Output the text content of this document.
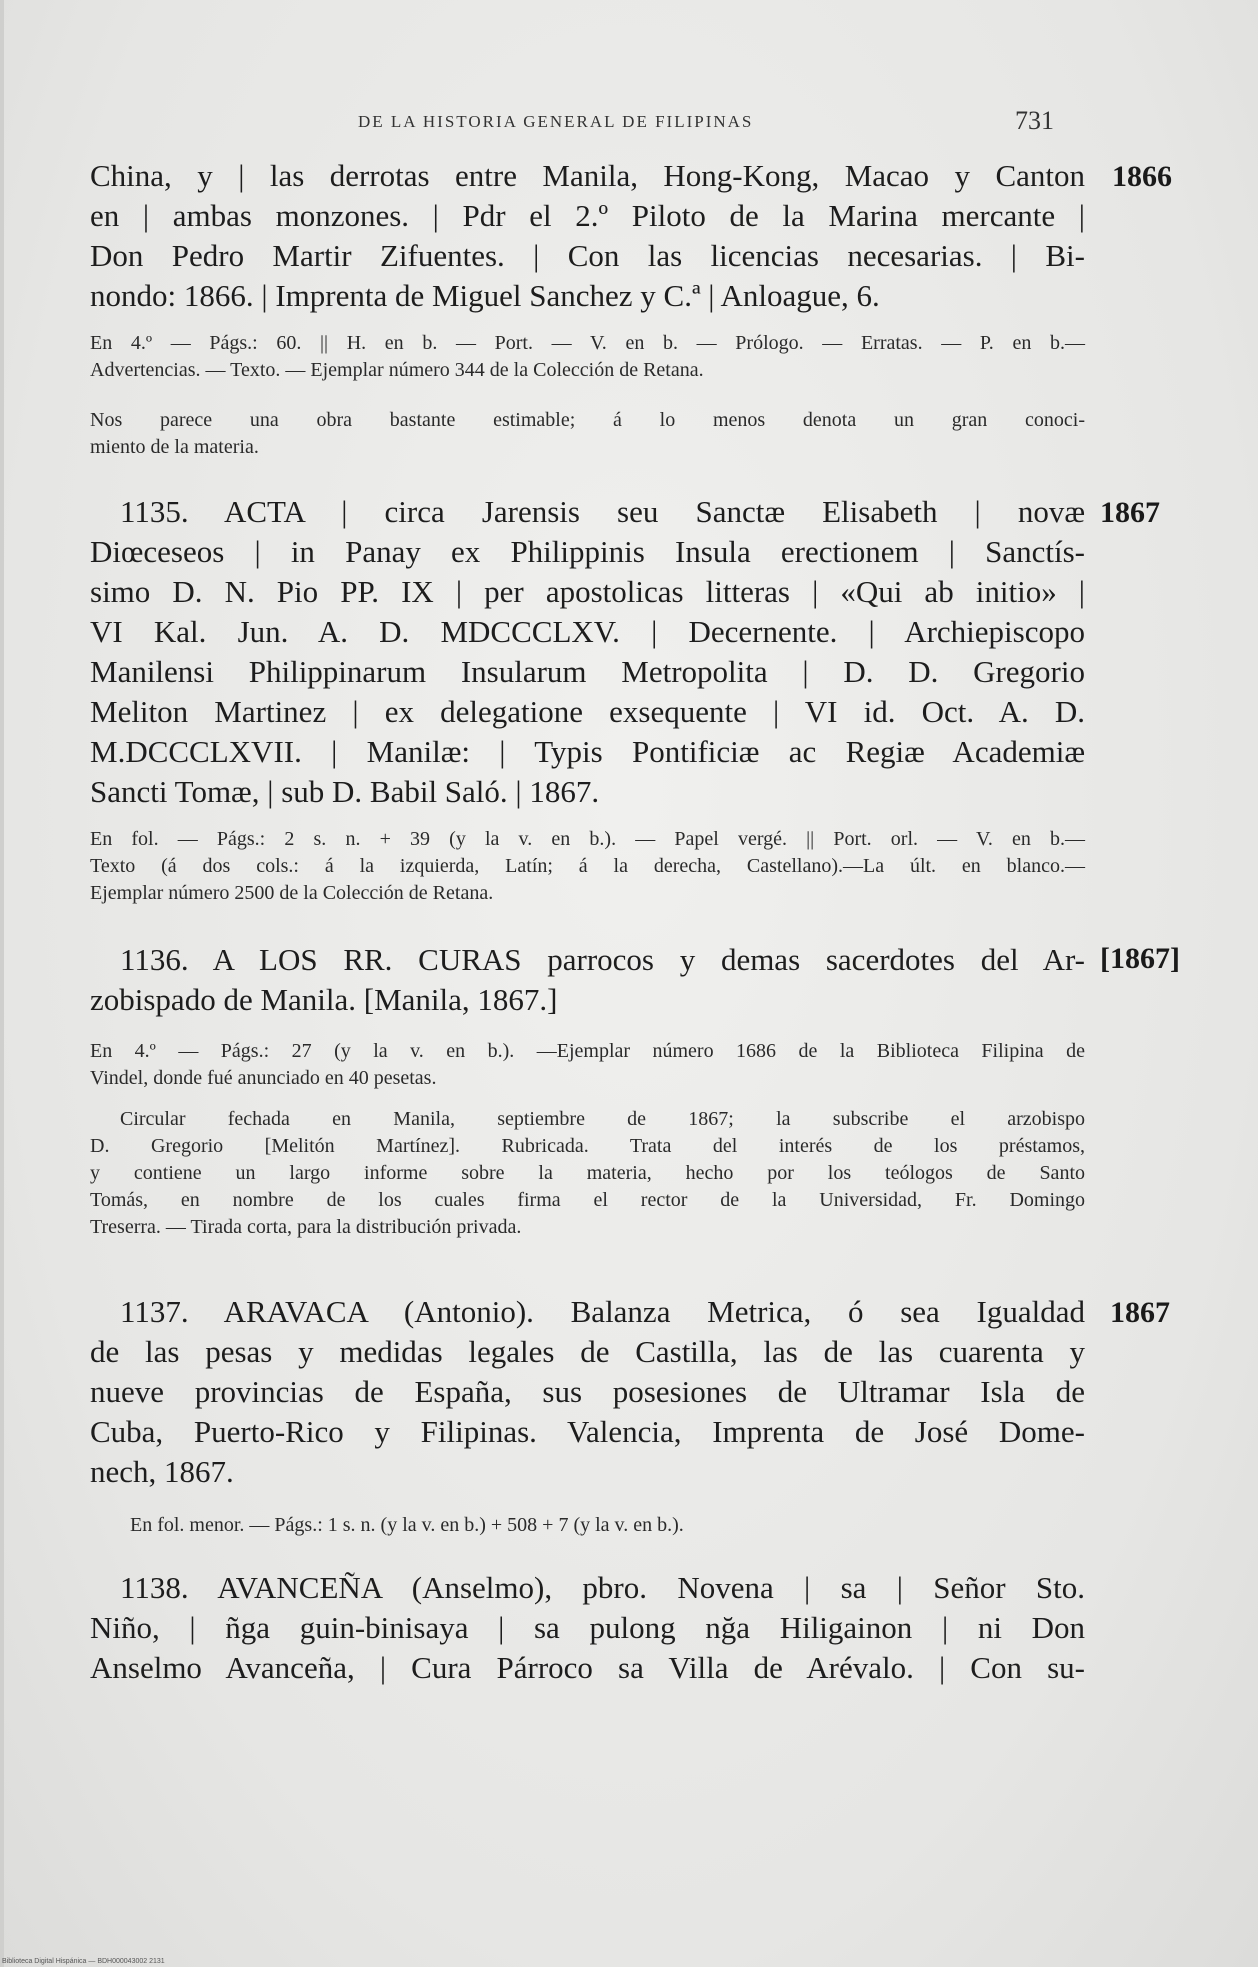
DE LA HISTORIA GENERAL DE FILIPINAS	731
1866

China, y | las derrotas entre Manila, Hong-Kong, Macao y Canton
en | ambas monzones. | Pdr el 2.º Piloto de la Marina mercante |
Don Pedro Martir Zifuentes. | Con las licencias necesarias. | Bi-
nondo: 1866. | Imprenta de Miguel Sanchez y C.ª | Anloague, 6.

En 4.º — Págs.: 60. || H. en b. — Port. — V. en b. — Prólogo. — Erratas. — P. en b.—
Advertencias. — Texto. — Ejemplar número 344 de la Colección de Retana.

Nos parece una obra bastante estimable; á lo menos denota un gran conoci-
miento de la materia.

1867

1135. ACTA | circa Jarensis seu Sanctæ Elisabeth | novæ
Diœceseos | in Panay ex Philippinis Insula erectionem | Sanctís-
simo D. N. Pio PP. IX | per apostolicas litteras | «Qui ab initio» |
VI Kal. Jun. A. D. MDCCCLXV. | Decernente. | Archiepiscopo
Manilensi Philippinarum Insularum Metropolita | D. D. Gregorio
Meliton Martinez | ex delegatione exsequente | VI id. Oct. A. D.
M.DCCCLXVII. | Manilæ: | Typis Pontificiæ ac Regiæ Academiæ
Sancti Tomæ, | sub D. Babil Saló. | 1867.

En fol. — Págs.: 2 s. n. + 39 (y la v. en b.). — Papel vergé. || Port. orl. — V. en b.—
Texto (á dos cols.: á la izquierda, Latín; á la derecha, Castellano).—La últ. en blanco.—
Ejemplar número 2500 de la Colección de Retana.

[1867]

1136. A LOS RR. CURAS parrocos y demas sacerdotes del Ar-
zobispado de Manila. [Manila, 1867.]

En 4.º — Págs.: 27 (y la v. en b.). —Ejemplar número 1686 de la Biblioteca Filipina de
Vindel, donde fué anunciado en 40 pesetas.

Circular fechada en Manila, septiembre de 1867; la subscribe el arzobispo
D. Gregorio [Melitón Martínez]. Rubricada. Trata del interés de los préstamos,
y contiene un largo informe sobre la materia, hecho por los teólogos de Santo
Tomás, en nombre de los cuales firma el rector de la Universidad, Fr. Domingo
Treserra. — Tirada corta, para la distribución privada.

1867

1137. ARAVACA (Antonio). Balanza Metrica, ó sea Igualdad
de las pesas y medidas legales de Castilla, las de las cuarenta y
nueve provincias de España, sus posesiones de Ultramar Isla de
Cuba, Puerto-Rico y Filipinas. Valencia, Imprenta de José Dome-
nech, 1867.

En fol. menor. — Págs.: 1 s. n. (y la v. en b.) + 508 + 7 (y la v. en b.).

1138. AVANCEÑA (Anselmo), pbro. Novena | sa | Señor Sto.
Niño, | ñga guin-binisaya | sa pulong nğa Hiligainon | ni Don
Anselmo Avanceña, | Cura Párroco sa Villa de Arévalo. | Con su-

Biblioteca Digital Hispánica — BDH000043002 2131
